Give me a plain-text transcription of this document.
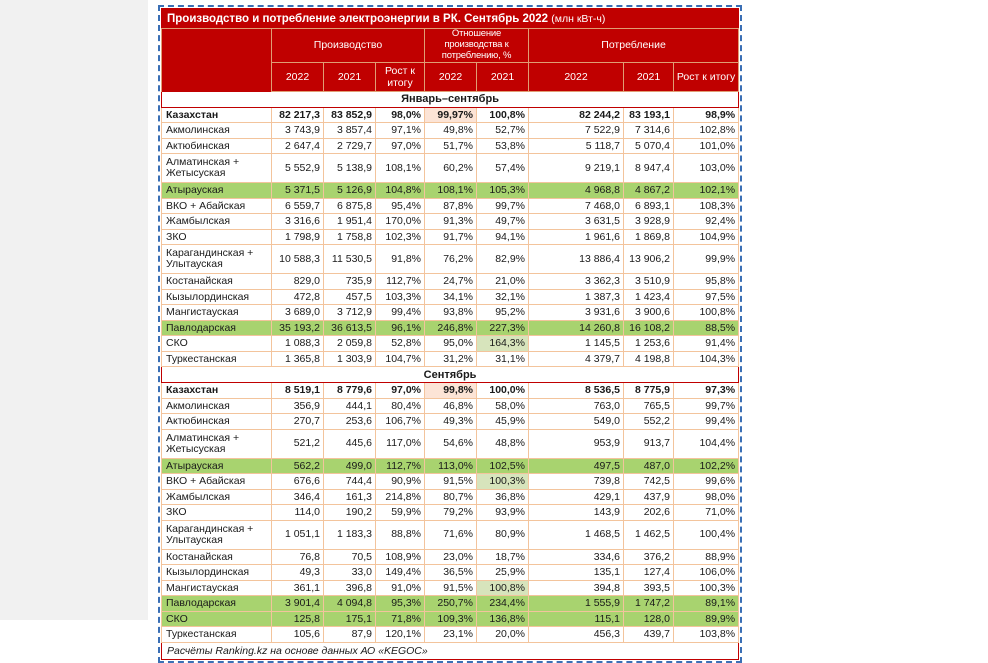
Производство и потребление электроэнергии в РК. Сентябрь 2022 (млн кВт-ч)								
	Производство			Отношение производства к потреблению, %		Потребление		
	2022	2021	Рост к итогу	2022	2021	2022	2021	Рост к итогу
Январь–сентябрь								
Казахстан	82 217,3	83 852,9	98,0%	99,97%	100,8%	82 244,2	83 193,1	98,9%
Акмолинская	3 743,9	3 857,4	97,1%	49,8%	52,7%	7 522,9	7 314,6	102,8%
Актюбинская	2 647,4	2 729,7	97,0%	51,7%	53,8%	5 118,7	5 070,4	101,0%
Алматинская + Жетысуская	5 552,9	5 138,9	108,1%	60,2%	57,4%	9 219,1	8 947,4	103,0%
Атырауская	5 371,5	5 126,9	104,8%	108,1%	105,3%	4 968,8	4 867,2	102,1%
ВКО + Абайская	6 559,7	6 875,8	95,4%	87,8%	99,7%	7 468,0	6 893,1	108,3%
Жамбылская	3 316,6	1 951,4	170,0%	91,3%	49,7%	3 631,5	3 928,9	92,4%
ЗКО	1 798,9	1 758,8	102,3%	91,7%	94,1%	1 961,6	1 869,8	104,9%
Карагандинская + Улытауская	10 588,3	11 530,5	91,8%	76,2%	82,9%	13 886,4	13 906,2	99,9%
Костанайская	829,0	735,9	112,7%	24,7%	21,0%	3 362,3	3 510,9	95,8%
Кызылординская	472,8	457,5	103,3%	34,1%	32,1%	1 387,3	1 423,4	97,5%
Мангистауская	3 689,0	3 712,9	99,4%	93,8%	95,2%	3 931,6	3 900,6	100,8%
Павлодарская	35 193,2	36 613,5	96,1%	246,8%	227,3%	14 260,8	16 108,2	88,5%
СКО	1 088,3	2 059,8	52,8%	95,0%	164,3%	1 145,5	1 253,6	91,4%
Туркестанская	1 365,8	1 303,9	104,7%	31,2%	31,1%	4 379,7	4 198,8	104,3%
Сентябрь								
Казахстан	8 519,1	8 779,6	97,0%	99,8%	100,0%	8 536,5	8 775,9	97,3%
Акмолинская	356,9	444,1	80,4%	46,8%	58,0%	763,0	765,5	99,7%
Актюбинская	270,7	253,6	106,7%	49,3%	45,9%	549,0	552,2	99,4%
Алматинская + Жетысуская	521,2	445,6	117,0%	54,6%	48,8%	953,9	913,7	104,4%
Атырауская	562,2	499,0	112,7%	113,0%	102,5%	497,5	487,0	102,2%
ВКО + Абайская	676,6	744,4	90,9%	91,5%	100,3%	739,8	742,5	99,6%
Жамбылская	346,4	161,3	214,8%	80,7%	36,8%	429,1	437,9	98,0%
ЗКО	114,0	190,2	59,9%	79,2%	93,9%	143,9	202,6	71,0%
Карагандинская + Улытауская	1 051,1	1 183,3	88,8%	71,6%	80,9%	1 468,5	1 462,5	100,4%
Костанайская	76,8	70,5	108,9%	23,0%	18,7%	334,6	376,2	88,9%
Кызылординская	49,3	33,0	149,4%	36,5%	25,9%	135,1	127,4	106,0%
Мангистауская	361,1	396,8	91,0%	91,5%	100,8%	394,8	393,5	100,3%
Павлодарская	3 901,4	4 094,8	95,3%	250,7%	234,4%	1 555,9	1 747,2	89,1%
СКО	125,8	175,1	71,8%	109,3%	136,8%	115,1	128,0	89,9%
Туркестанская	105,6	87,9	120,1%	23,1%	20,0%	456,3	439,7	103,8%
Расчёты Ranking.kz на основе данных АО «KEGOC»								
